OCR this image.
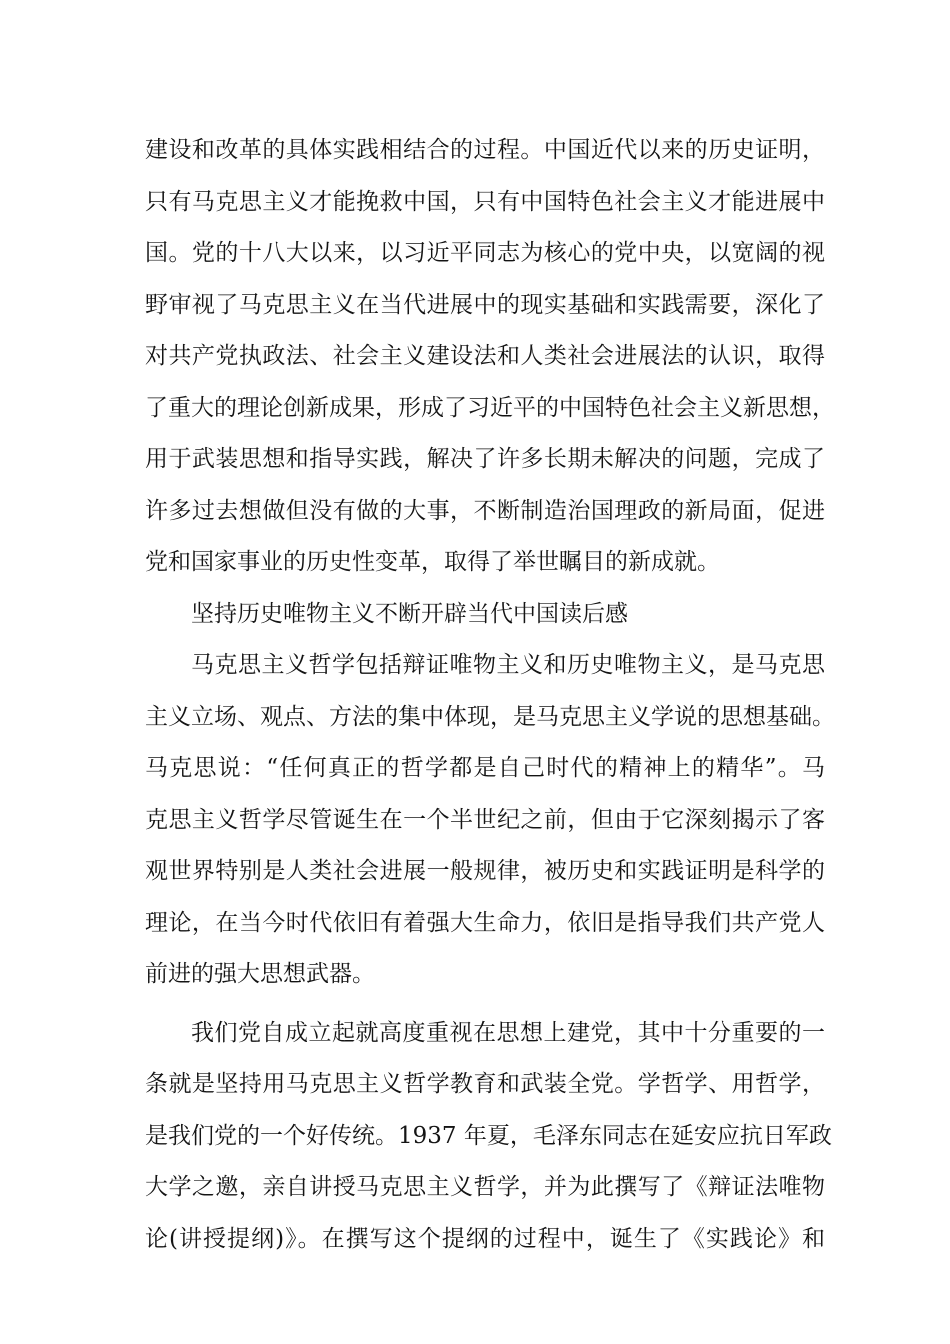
建设和改革的具体实践相结合的过程。中国近代以来的历史证明，
只有马克思主义才能挽救中国，只有中国特色社会主义才能进展中
国。党的十八大以来，以习近平同志为核心的党中央，以宽阔的视
野审视了马克思主义在当代进展中的现实基础和实践需要，深化了
对共产党执政法、社会主义建设法和人类社会进展法的认识，取得
了重大的理论创新成果，形成了习近平的中国特色社会主义新思想，
用于武装思想和指导实践，解决了许多长期未解决的问题，完成了
许多过去想做但没有做的大事，不断制造治国理政的新局面，促进
党和国家事业的历史性变革，取得了举世瞩目的新成就。
坚持历史唯物主义不断开辟当代中国读后感
马克思主义哲学包括辩证唯物主义和历史唯物主义，是马克思
主义立场、观点、方法的集中体现，是马克思主义学说的思想基础。
马克思说：“任何真正的哲学都是自己时代的精神上的精华”。马
克思主义哲学尽管诞生在一个半世纪之前，但由于它深刻揭示了客
观世界特别是人类社会进展一般规律，被历史和实践证明是科学的
理论，在当今时代依旧有着强大生命力，依旧是指导我们共产党人
前进的强大思想武器。
我们党自成立起就高度重视在思想上建党，其中十分重要的一
条就是坚持用马克思主义哲学教育和武装全党。学哲学、用哲学，
是我们党的一个好传统。1937 年夏，毛泽东同志在延安应抗日军政
大学之邀，亲自讲授马克思主义哲学，并为此撰写了《辩证法唯物
论(讲授提纲)》。在撰写这个提纲的过程中，诞生了《实践论》和
